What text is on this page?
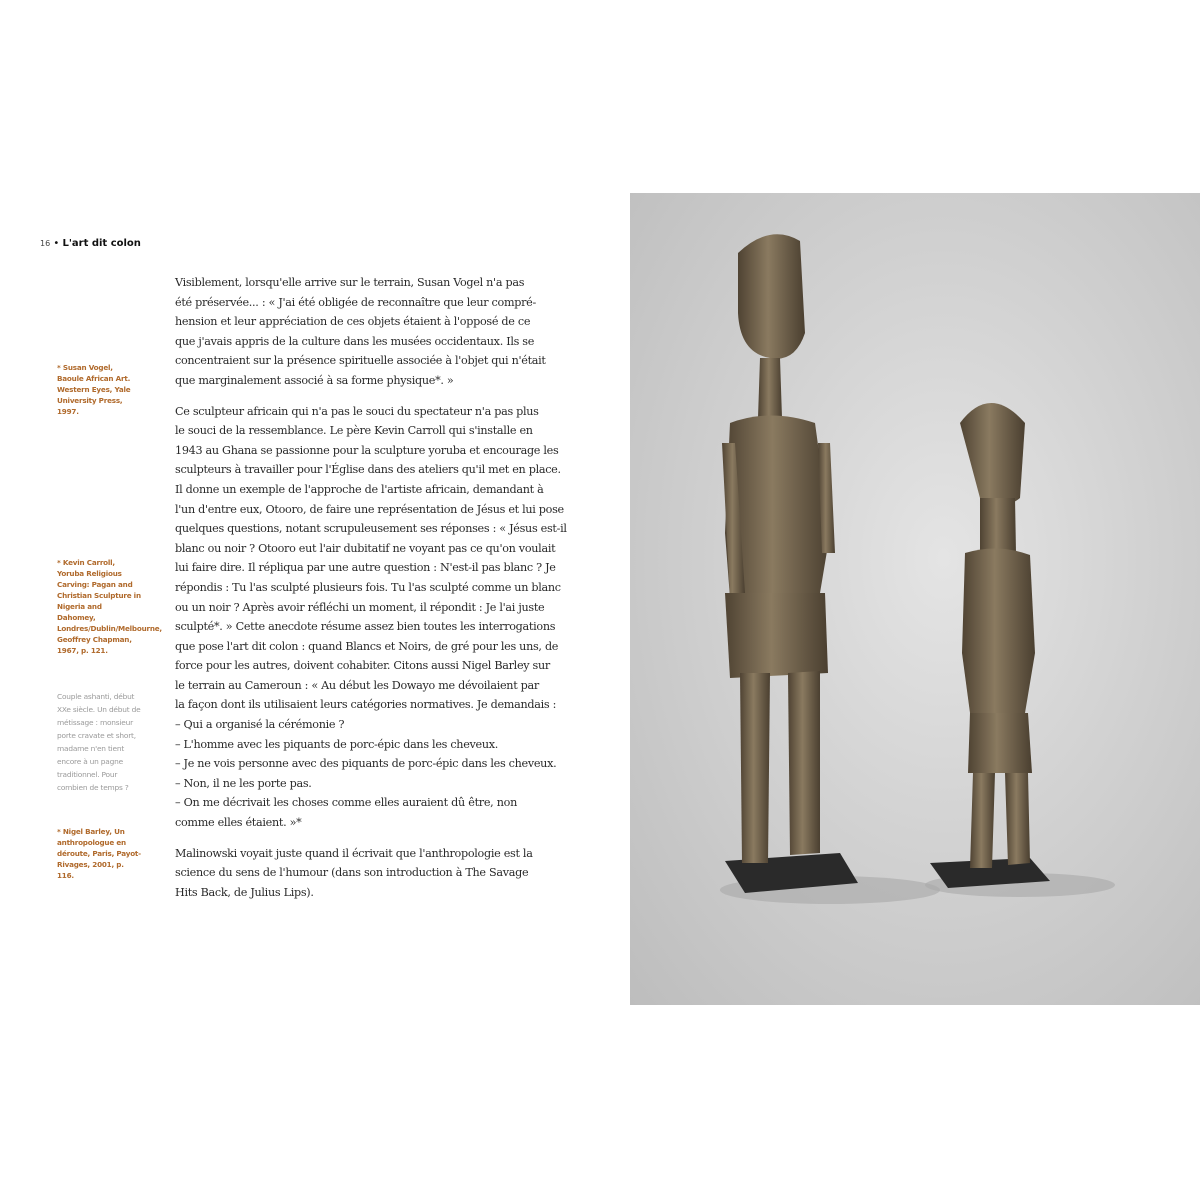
16 • L'art dit colon
Visiblement, lorsqu'elle arrive sur le terrain, Susan Vogel n'a pas
été préservée... : « J'ai été obligée de reconnaître que leur compré-
hension et leur appréciation de ces objets étaient à l'opposé de ce
que j'avais appris de la culture dans les musées occidentaux. Ils se
concentraient sur la présence spirituelle associée à l'objet qui n'était
que marginalement associé à sa forme physique*. »
Ce sculpteur africain qui n'a pas le souci du spectateur n'a pas plus
le souci de la ressemblance. Le père Kevin Carroll qui s'installe en
1943 au Ghana se passionne pour la sculpture yoruba et encourage les
sculpteurs à travailler pour l'Église dans des ateliers qu'il met en place.
Il donne un exemple de l'approche de l'artiste africain, demandant à
l'un d'entre eux, Otooro, de faire une représentation de Jésus et lui pose
quelques questions, notant scrupuleusement ses réponses : « Jésus est-il
blanc ou noir ? Otooro eut l'air dubitatif ne voyant pas ce qu'on voulait
lui faire dire. Il répliqua par une autre question : N'est-il pas blanc ? Je
répondis : Tu l'as sculpté plusieurs fois. Tu l'as sculpté comme un blanc
ou un noir ? Après avoir réfléchi un moment, il répondit : Je l'ai juste
sculpté*. » Cette anecdote résume assez bien toutes les interrogations
que pose l'art dit colon : quand Blancs et Noirs, de gré pour les uns, de
force pour les autres, doivent cohabiter. Citons aussi Nigel Barley sur
le terrain au Cameroun : « Au début les Dowayo me dévoilaient par
la façon dont ils utilisaient leurs catégories normatives. Je demandais :
– Qui a organisé la cérémonie ?
– L'homme avec les piquants de porc-épic dans les cheveux.
– Je ne vois personne avec des piquants de porc-épic dans les cheveux.
– Non, il ne les porte pas.
– On me décrivait les choses comme elles auraient dû être, non
comme elles étaient. »*
Malinowski voyait juste quand il écrivait que l'anthropologie est la
science du sens de l'humour (dans son introduction à The Savage
Hits Back, de Julius Lips).
* Susan Vogel, Baoule African Art. Western Eyes, Yale University Press, 1997.
* Kevin Carroll, Yoruba Religious Carving: Pagan and Christian Sculpture in Nigeria and Dahomey, Londres/Dublin/Melbourne, Geoffrey Chapman, 1967, p. 121.
Couple ashanti, début XXe siècle. Un début de métissage : monsieur porte cravate et short, madame n'en tient encore à un pagne traditionnel. Pour combien de temps ?
* Nigel Barley, Un anthropologue en déroute, Paris, Payot-Rivages, 2001, p. 116.
